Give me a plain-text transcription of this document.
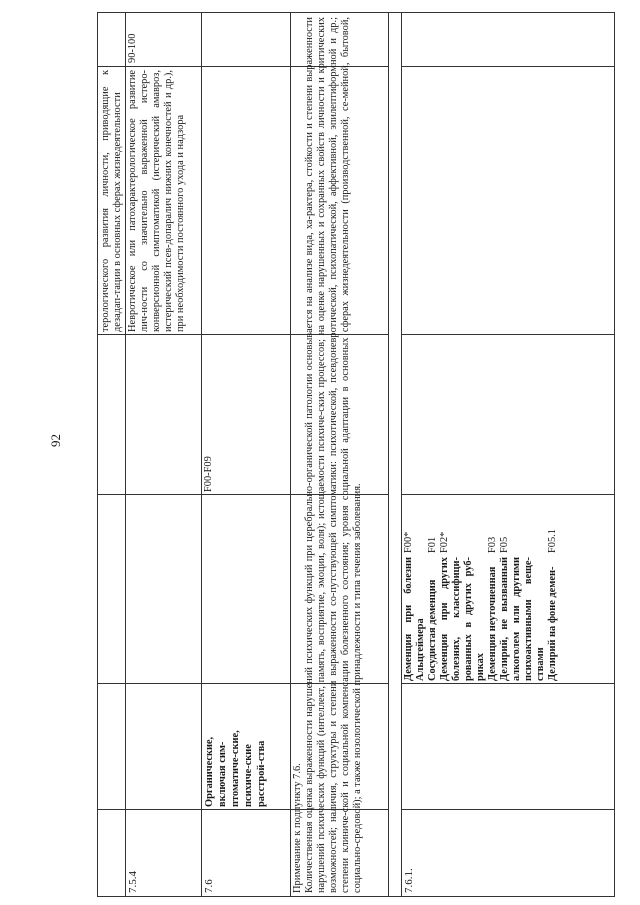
92
терологического развития личности, приводящие к дезадап-тации в основных сферах жизнедеятельности
7.5.4
Невротическое или патохарактерологическое развитие лич-ности со значительно выраженной истеро-конверсионной симптоматикой (истерический амавроз, истерический псев-допаралич нижних конечностей и др.), при необходимости постоянного ухода и надзора
90-100
7.6
Органические, включая сим-птоматиче-ские, психиче-ские расстрой-ства
F00-F09
Примечание к подпункту 7.6. Количественная оценка выраженности нарушений психических функций при церебрально-органической патологии основывается на анализе вида, ха-рактера, стойкости и степени выраженности нарушений психических функций (интеллект, память, восприятие, эмоции, воля); истощаемости психиче-ских процессов; на оценке нарушенных и сохранных свойств личности и критических возможностей; наличия, структуры и степени выраженности со-путствующей симптоматики: психотической, псевдоневротической, психопатической, аффективной, эпилептиформной и др.; степени клиниче-ской и социальной компенсации болезненного состояния; уровня социальной адаптации в основных сферах жизнедеятельности (производственной, се-мейной, бытовой, социально-средовой); а также нозологической принадлежности и типа течения заболевания.	7.6.1.
Деменция при болезни Альцгеймера
F00*
Сосудистая деменция
F01
Деменция при других болезнях, классифици-рованных в других руб-риках
F02*
Деменция неуточненная
F03
Делирий, не вызванный алкоголем или другими психоактивными веще-ствами
F05
Делирий на фоне демен-
F05.1
